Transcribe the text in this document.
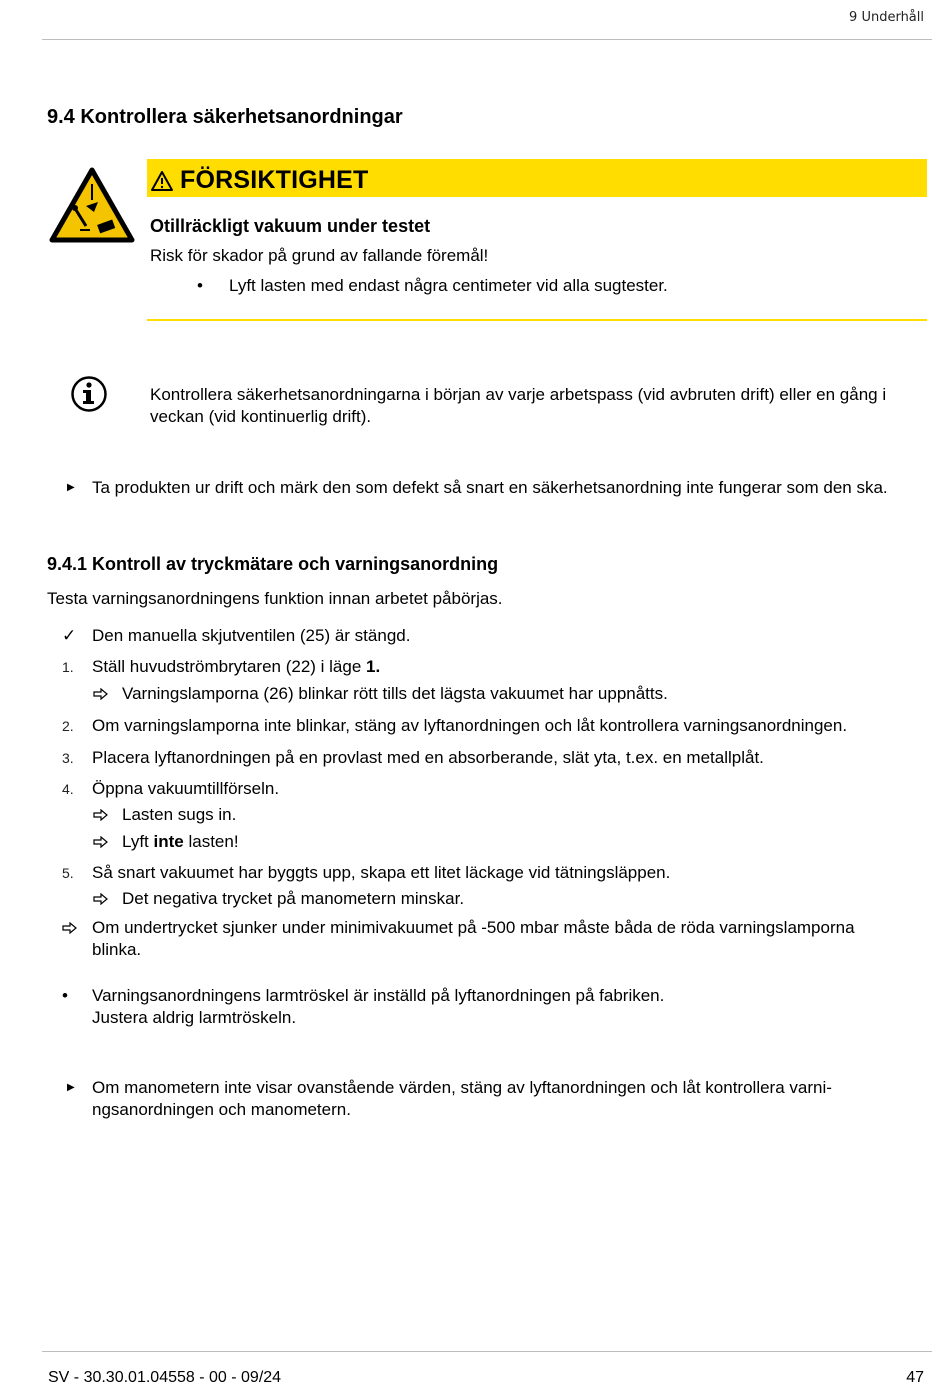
9 Underhåll
9.4 Kontrollera säkerhetsanordningar
FÖRSIKTIGHET
Otillräckligt vakuum under testet
Risk för skador på grund av fallande föremål!
• Lyft lasten med endast några centimeter vid alla sugtester.
Kontrollera säkerhetsanordningarna i början av varje arbetspass (vid avbruten drift) eller en gång i veckan (vid kontinuerlig drift).
▶ Ta produkten ur drift och märk den som defekt så snart en säkerhetsanordning inte fungerar som den ska.
9.4.1 Kontroll av tryckmätare och varningsanordning
Testa varningsanordningens funktion innan arbetet påbörjas.
✓ Den manuella skjutventilen (25) är stängd.
1. Ställ huvudströmbrytaren (22) i läge 1.
Varningslamporna (26) blinkar rött tills det lägsta vakuumet har uppnåtts.
2. Om varningslamporna inte blinkar, stäng av lyftanordningen och låt kontrollera varningsanordningen.
3. Placera lyftanordningen på en provlast med en absorberande, slät yta, t.ex. en metallplåt.
4. Öppna vakuumtillförseln.
Lasten sugs in.
Lyft inte lasten!
5. Så snart vakuumet har byggts upp, skapa ett litet läckage vid tätningsläppen.
Det negativa trycket på manometern minskar.
Om undertrycket sjunker under minimivakuumet på -500 mbar måste båda de röda varningslamporna blinka.
• Varningsanordningens larmtröskel är inställd på lyftanordningen på fabriken.
Justera aldrig larmtröskeln.
▶ Om manometern inte visar ovanstående värden, stäng av lyftanordningen och låt kontrollera varni-ngsanordningen och manometern.
SV - 30.30.01.04558 - 00 - 09/24	47
